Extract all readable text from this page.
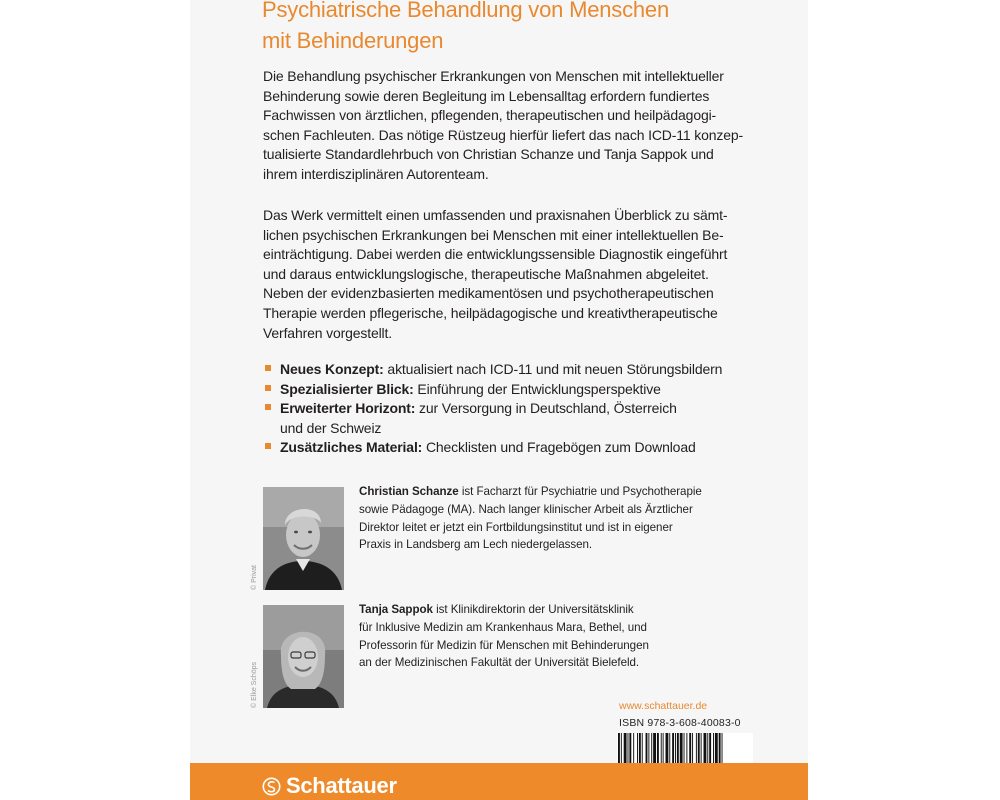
Psychiatrische Behandlung von Menschen
mit Behinderungen

Die Behandlung psychischer Erkrankungen von Menschen mit intellektueller
Behinderung sowie deren Begleitung im Lebensalltag erfordern fundiertes
Fachwissen von ärztlichen, pflegenden, therapeutischen und heilpädagogi-
schen Fachleuten. Das nötige Rüstzeug hierfür liefert das nach ICD-11 konzep-
tualisierte Standardlehrbuch von Christian Schanze und Tanja Sappok und
ihrem interdisziplinären Autorenteam.

Das Werk vermittelt einen umfassenden und praxisnahen Überblick zu sämt-
lichen psychischen Erkrankungen bei Menschen mit einer intellektuellen Be-
einträchtigung. Dabei werden die entwicklungssensible Diagnostik eingeführt
und daraus entwicklungslogische, therapeutische Maßnahmen abgeleitet.
Neben der evidenzbasierten medikamentösen und psychotherapeutischen
Therapie werden pflegerische, heilpädagogische und kreativtherapeutische
Verfahren vorgestellt.

Neues Konzept: aktualisiert nach ICD-11 und mit neuen Störungsbildern
Spezialisierter Blick: Einführung der Entwicklungsperspektive
Erweiterter Horizont: zur Versorgung in Deutschland, Österreich
und der Schweiz
Zusätzliches Material: Checklisten und Fragebögen zum Download
© Privat
Christian Schanze ist Facharzt für Psychiatrie und Psychotherapie
sowie Pädagoge (MA). Nach langer klinischer Arbeit als Ärztlicher
Direktor leitet er jetzt ein Fortbildungsinstitut und ist in eigener
Praxis in Landsberg am Lech niedergelassen.
© Elke Schöps
Tanja Sappok ist Klinikdirektorin der Universitätsklinik
für Inklusive Medizin am Krankenhaus Mara, Bethel, und
Professorin für Medizin für Menschen mit Behinderungen
an der Medizinischen Fakultät der Universität Bielefeld.
www.schattauer.de
ISBN 978-3-608-40083-0
Schattauer
